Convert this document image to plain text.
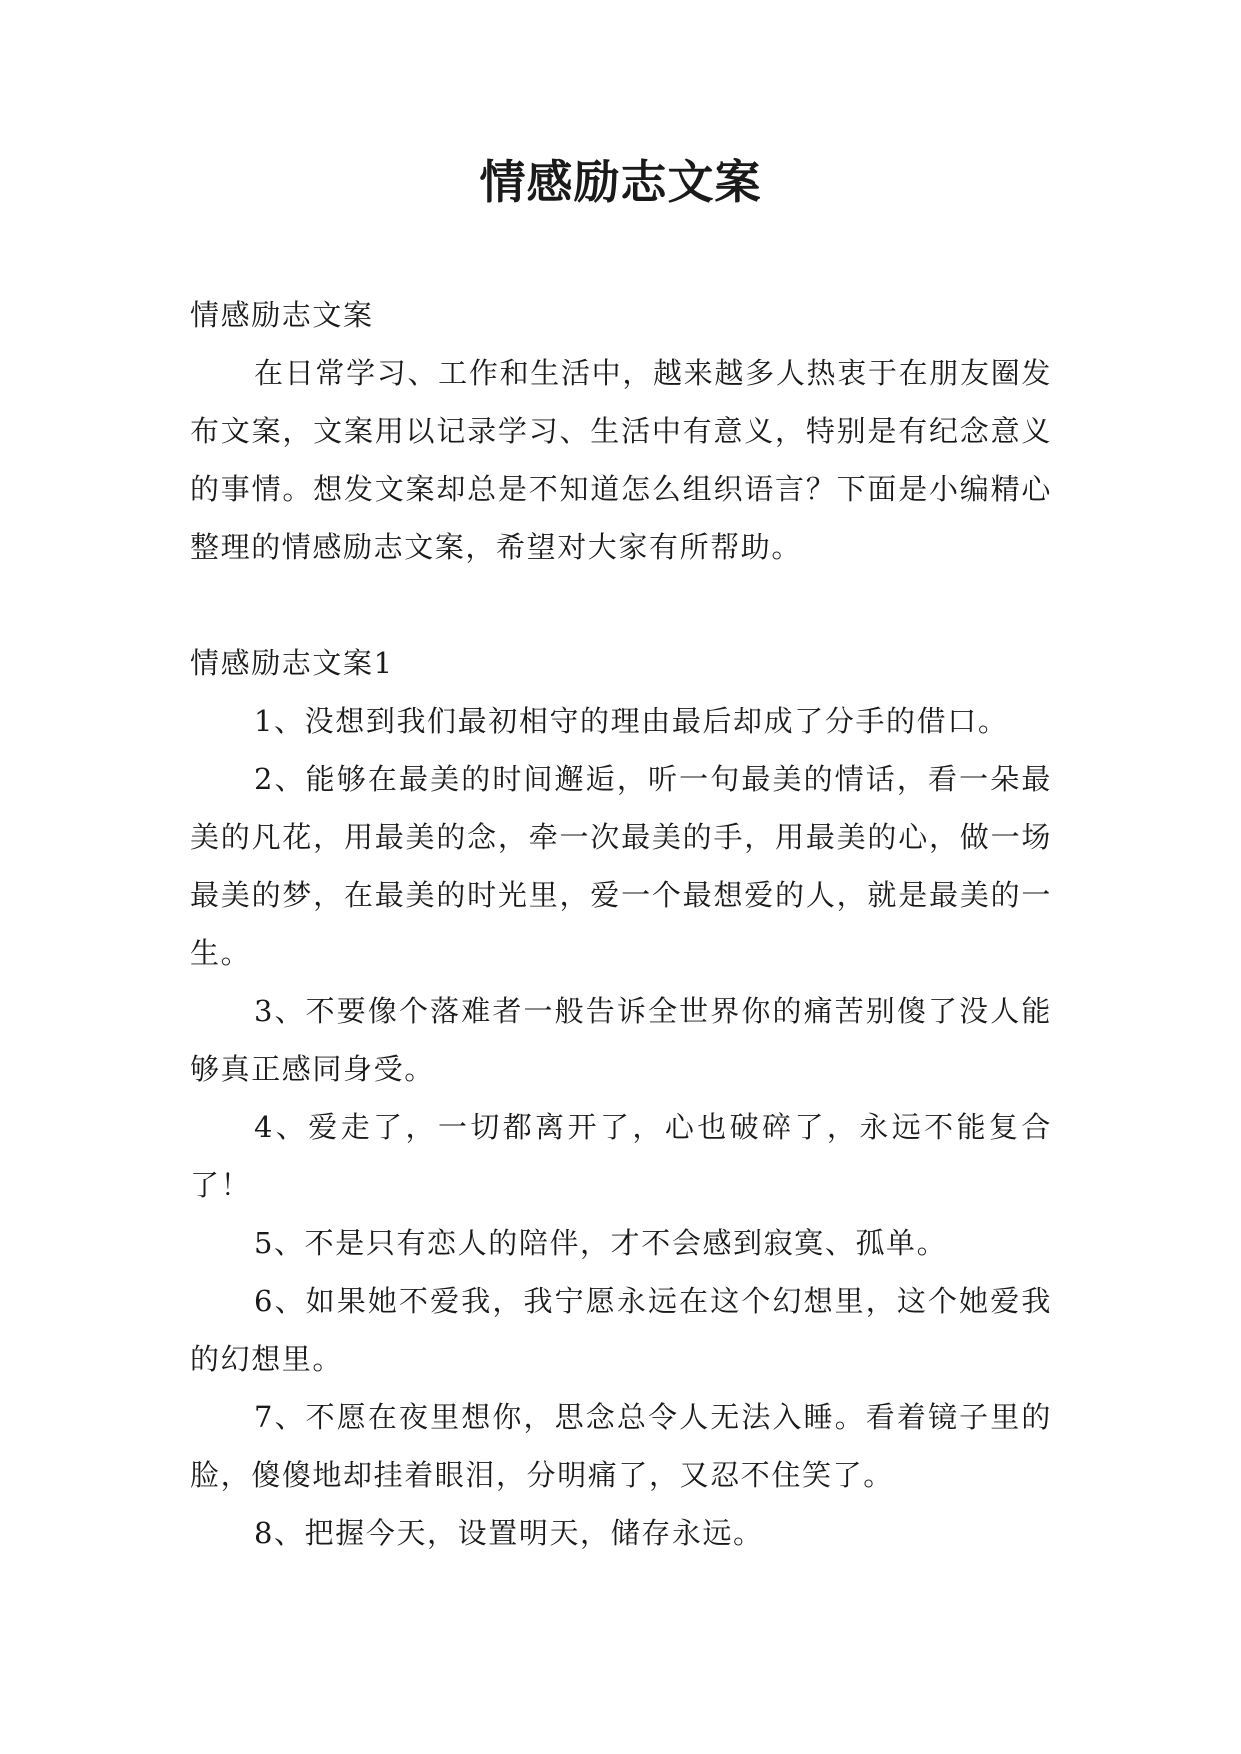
情感励志文案

情感励志文案

在日常学习、工作和生活中，越来越多人热衷于在朋友圈发布文案，文案用以记录学习、生活中有意义，特别是有纪念意义的事情。想发文案却总是不知道怎么组织语言？下面是小编精心整理的情感励志文案，希望对大家有所帮助。

情感励志文案1

1、没想到我们最初相守的理由最后却成了分手的借口。

2、能够在最美的时间邂逅，听一句最美的情话，看一朵最美的凡花，用最美的念，牵一次最美的手，用最美的心，做一场最美的梦，在最美的时光里，爱一个最想爱的人，就是最美的一生。

3、不要像个落难者一般告诉全世界你的痛苦别傻了没人能够真正感同身受。

4、爱走了，一切都离开了，心也破碎了，永远不能复合了！

5、不是只有恋人的陪伴，才不会感到寂寞、孤单。

6、如果她不爱我，我宁愿永远在这个幻想里，这个她爱我的幻想里。

7、不愿在夜里想你，思念总令人无法入睡。看着镜子里的脸，傻傻地却挂着眼泪，分明痛了，又忍不住笑了。

8、把握今天，设置明天，储存永远。
